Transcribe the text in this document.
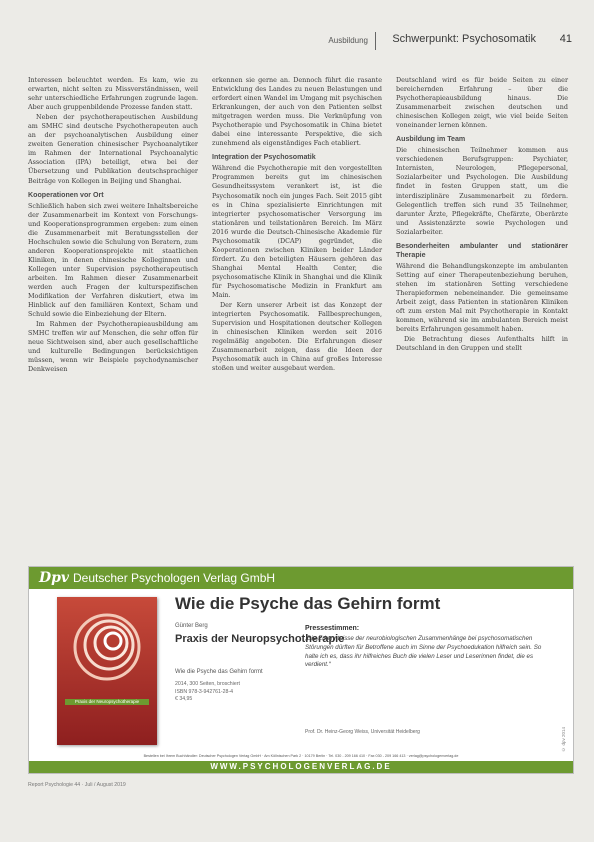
Ausbildung Schwerpunkt: Psychosomatik 41

Interessen beleuchtet werden. Es kam, wie zu erwarten, nicht selten zu Missverständnissen, weil sehr unterschiedliche Erfahrungen zugrunde lagen. Aber auch gruppenbildende Prozesse fanden statt.

Neben der psychotherapeutischen Ausbildung am SMHC sind deutsche Psychotherapeuten auch an der psychoanalytischen Ausbildung einer zweiten Generation chinesischer Psychoanalytiker im Rahmen der International Psychoanalytic Association (IPA) beteiligt, etwa bei der Übersetzung und Publikation deutschsprachiger Beiträge von Kollegen in Beijing und Shanghai.

Kooperationen vor Ort

Schließlich haben sich zwei weitere Inhaltsbereiche der Zusammenarbeit im Kontext von Forschungs- und Kooperationsprogrammen ergeben: zum einen die Zusammenarbeit mit Beratungsstellen der Hochschulen sowie die Schulung von Beratern, zum anderen Kooperationsprojekte mit staatlichen Kliniken, in denen chinesische Kolleginnen und Kollegen unter Supervision psychotherapeutisch arbeiten. Im Rahmen dieser Zusammenarbeit werden auch Fragen der kulturspezifischen Modifikation der Verfahren diskutiert, etwa im Hinblick auf den familiären Kontext, Scham und Schuld sowie die Einbeziehung der Eltern.

Im Rahmen der Psychotherapieausbildung am SMHC treffen wir auf Menschen, die sehr offen für neue Sichtweisen sind, aber auch gesellschaftliche und kulturelle Bedingungen berücksichtigen müssen, wenn wir Beispiele psychodynamischer Denkweisen

erkennen sie gerne an. Dennoch führt die rasante Entwicklung des Landes zu neuen Belastungen und erfordert einen Wandel im Umgang mit psychischen Erkrankungen, der auch von den Patienten selbst mitgetragen werden muss. Die Verknüpfung von Psychotherapie und Psychosomatik in China bietet dabei eine interessante Perspektive, die sich zunehmend als eigenständiges Fach etabliert.

Integration der Psychosomatik

Während die Psychotherapie mit den vorgestellten Programmen bereits gut im chinesischen Gesundheitssystem verankert ist, ist die Psychosomatik noch ein junges Fach. Seit 2015 gibt es in China spezialisierte Einrichtungen mit integrierter psychosomatischer Versorgung im stationären und teilstationären Bereich. Im März 2016 wurde die Deutsch-Chinesische Akademie für Psychosomatik (DCAP) gegründet, die Kooperationen zwischen Kliniken beider Länder fördert. Zu den beteiligten Häusern gehören das Shanghai Mental Health Center, die psychosomatische Klinik in Shanghai und die Klinik für Psychosomatische Medizin in Frankfurt am Main.

Der Kern unserer Arbeit ist das Konzept der integrierten Psychosomatik. Fallbesprechungen, Supervision und Hospitationen deutscher Kollegen in chinesischen Kliniken werden seit 2016 regelmäßig angeboten. Die Erfahrungen dieser Zusammenarbeit zeigen, dass die Ideen der Psychosomatik auch in China auf großes Interesse stoßen und weiter ausgebaut werden.

Deutschland wird es für beide Seiten zu einer bereichernden Erfahrung – über die Psychotherapieausbildung hinaus. Die Zusammenarbeit zwischen deutschen und chinesischen Kollegen zeigt, wie viel beide Seiten voneinander lernen können.

Ausbildung im Team

Die chinesischen Teilnehmer kommen aus verschiedenen Berufsgruppen: Psychiater, Internisten, Neurologen, Pflegepersonal, Sozialarbeiter und Psychologen. Die Ausbildung findet in festen Gruppen statt, um die interdisziplinäre Zusammenarbeit zu fördern. Gelegentlich treffen sich rund 35 Teilnehmer, darunter Ärzte, Pflegekräfte, Chefärzte, Oberärzte und Assistenzärzte sowie Psychologen und Sozialarbeiter.

Besonderheiten ambulanter und stationärer Therapie

Während die Behandlungskonzepte im ambulanten Setting auf einer Therapeutenbeziehung beruhen, stehen im stationären Setting verschiedene Therapieformen nebeneinander. Die gemeinsame Arbeit zeigt, dass Patienten in stationären Kliniken oft zum ersten Mal mit Psychotherapie in Kontakt kommen, während sie im ambulanten Bereich meist bereits Erfahrungen gesammelt haben.

Die Betrachtung dieses Aufenthalts hilft in Deutschland in den Gruppen und stellt

Dpv Deutscher Psychologen Verlag GmbH
Praxis der Neuropsychotherapie
Wie die Psyche das Gehirn formt
Günter Berg
Praxis der Neuropsychotherapie
Wie die Psyche das Gehirn formt
2014, 300 Seiten, broschiert
ISBN 978-3-942761-28-4
€ 34,95
Pressestimmen:
„Die Erkenntnisse der neurobiologischen Zusammenhänge bei psychosomatischen Störungen dürften für Betroffene auch im Sinne der Psychoedukation hilfreich sein. So halte ich es, dass ihr hilfreiches Buch die vielen Leser und Leserinnen findet, die es verdient.“
Prof. Dr. Heinz-Georg Weiss, Universität Heidelberg	© dpv 2014
Bestellen bei Ihrem Buchhändler: Deutscher Psychologen Verlag GmbH · Am Köllnischen Park 2 · 10179 Berlin · Tel. 030 - 209 166 410 · Fax 030 - 209 166 413 · verlag@psychologenverlag.de
WWW.PSYCHOLOGENVERLAG.DE
Report Psychologie 44 · Juli / August 2019
